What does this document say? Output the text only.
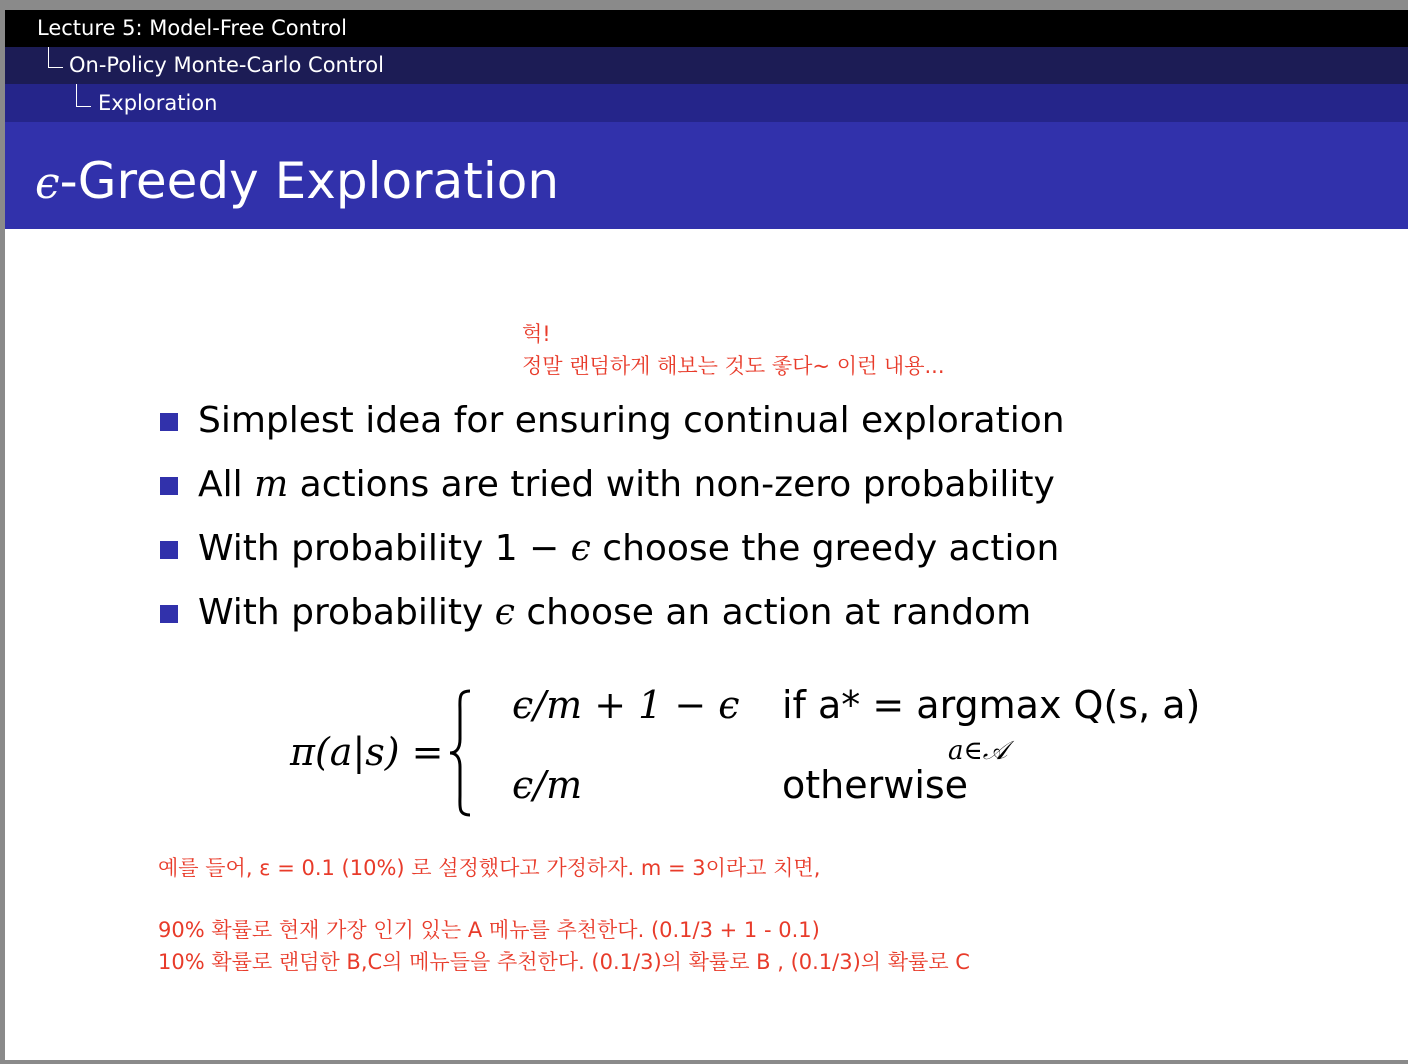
Lecture 5: Model-Free Control
On-Policy Monte-Carlo Control
Exploration
ϵ-Greedy Exploration
헉!
정말 랜덤하게 해보는 것도 좋다~ 이런 내용...
Simplest idea for ensuring continual exploration
All m actions are tried with non-zero probability
With probability 1 − ϵ choose the greedy action
With probability ϵ choose an action at random
π(a|s) =
ϵ/m + 1 − ϵ if a* = argmax Q(s, a)
a∈𝒜
ϵ/m	otherwise
예를 들어, ε = 0.1 (10%) 로 설정했다고 가정하자. m = 3이라고 치면,
90% 확률로 현재 가장 인기 있는 A 메뉴를 추천한다. (0.1/3 + 1 - 0.1)
10% 확률로 랜덤한 B,C의 메뉴들을 추천한다. (0.1/3)의 확률로 B , (0.1/3)의 확률로 C
